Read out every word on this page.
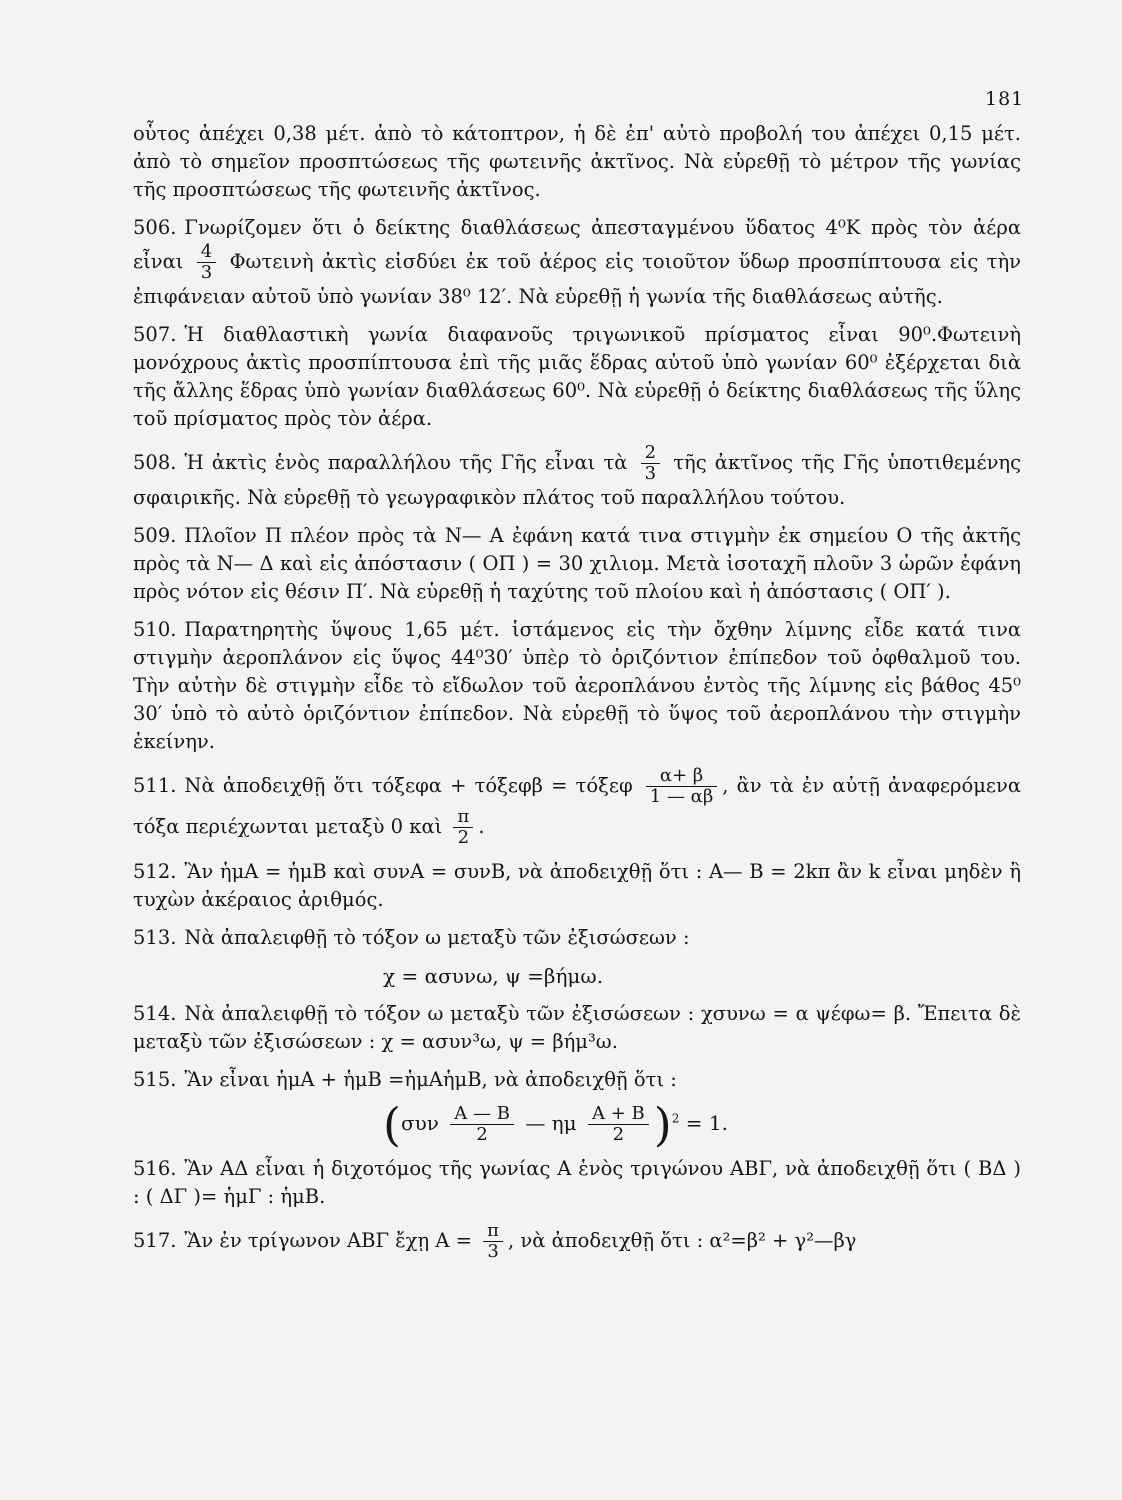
181

οὗτος ἀπέχει 0,38 μέτ. ἀπὸ τὸ κάτοπτρον, ἡ δὲ ἐπ' αὐτὸ προβολή του ἀπέχει 0,15 μέτ. ἀπὸ τὸ σημεῖον προσπτώσεως τῆς φωτεινῆς ἀκτῖνος. Νὰ εὑρεθῇ τὸ μέτρον τῆς γωνίας τῆς προσπτώσεως τῆς φωτεινῆς ἀκτῖνος.

506. Γνωρίζομεν ὅτι ὁ δείκτης διαθλάσεως ἀπεσταγμένου ὕδατος 4⁰Κ πρὸς τὸν ἀέρα εἶναι $\frac{4}{3}$ Φωτεινὴ ἀκτὶς εἰσδύει ἐκ τοῦ ἀέρος εἰς τοιοῦτον ὕδωρ προσπίπτουσα εἰς τὴν ἐπιφάνειαν αὐτοῦ ὑπὸ γωνίαν 38⁰ 12′. Νὰ εὑρεθῇ ἡ γωνία τῆς διαθλάσεως αὐτῆς.

507. Ἡ διαθλαστικὴ γωνία διαφανοῦς τριγωνικοῦ πρίσματος εἶναι 90⁰.Φωτεινὴ μονόχρους ἀκτὶς προσπίπτουσα ἐπὶ τῆς μιᾶς ἕδρας αὐτοῦ ὑπὸ γωνίαν 60⁰ ἐξέρχεται διὰ τῆς ἄλλης ἕδρας ὑπὸ γωνίαν διαθλάσεως 60⁰. Νὰ εὑρεθῇ ὁ δείκτης διαθλάσεως τῆς ὕλης τοῦ πρίσματος πρὸς τὸν ἀέρα.

508. Ἡ ἀκτὶς ἑνὸς παραλλήλου τῆς Γῆς εἶναι τὰ $\frac{2}{3}$ τῆς ἀκτῖνος τῆς Γῆς ὑποτιθεμένης σφαιρικῆς. Νὰ εὑρεθῇ τὸ γεωγραφικὸν πλάτος τοῦ παραλλήλου τούτου.

509. Πλοῖον Π πλέον πρὸς τὰ Ν— Α ἐφάνη κατά τινα στιγμὴν ἐκ σημείου Ο τῆς ἀκτῆς πρὸς τὰ Ν— Δ καὶ εἰς ἀπόστασιν ( ΟΠ ) = 30 χιλιομ. Μετὰ ἰσοταχῆ πλοῦν 3 ὡρῶν ἐφάνη πρὸς νότον εἰς θέσιν Π′. Νὰ εὑρεθῇ ἡ ταχύτης τοῦ πλοίου καὶ ἡ ἀπόστασις ( ΟΠ′ ).

510. Παρατηρητὴς ὕψους 1,65 μέτ. ἱστάμενος εἰς τὴν ὄχθην λίμνης εἶδε κατά τινα στιγμὴν ἀεροπλάνον εἰς ὕψος 44⁰30′ ὑπὲρ τὸ ὁριζόντιον ἐπίπεδον τοῦ ὀφθαλμοῦ του. Τὴν αὐτὴν δὲ στιγμὴν εἶδε τὸ εἴδωλον τοῦ ἀεροπλάνου ἐντὸς τῆς λίμνης εἰς βάθος 45⁰ 30′ ὑπὸ τὸ αὐτὸ ὁριζόντιον ἐπίπεδον. Νὰ εὑρεθῇ τὸ ὕψος τοῦ ἀεροπλάνου τὴν στιγμὴν ἐκείνην.

511. Νὰ ἀποδειχθῇ ὅτι τόξεφα + τόξεφβ = τόξεφ $\frac{\alpha+ \beta}{1 — \alpha\beta}$ , ἂν τὰ ἐν αὐτῇ ἀναφερόμενα τόξα περιέχωνται μεταξὺ 0 καὶ $\frac{\pi}{2}$ .

512. Ἂν ἡμΑ = ἡμΒ καὶ συνΑ = συνΒ, νὰ ἀποδειχθῇ ὅτι : Α— Β = 2kπ ἂν k εἶναι μηδὲν ἢ τυχὼν ἀκέραιος ἀριθμός.

513. Νὰ ἀπαλειφθῇ τὸ τόξον ω μεταξὺ τῶν ἐξισώσεων :

χ = ασυνω, ψ =βήμω.

514. Νὰ ἀπαλειφθῇ τὸ τόξον ω μεταξὺ τῶν ἐξισώσεων : χσυνω = α ψέφω= β. Ἔπειτα δὲ μεταξὺ τῶν ἐξισώσεων : χ = ασυν³ω, ψ = βήμ³ω.

515. Ἂν εἶναι ἡμΑ + ἡμΒ =ἡμΑἡμΒ, νὰ ἀποδειχθῇ ὅτι :

($\sigma\upsilon\nu \frac{A — B}{2}$ — ημ $\frac{A + B}{2} )^2 = 1$.

516. Ἂν ΑΔ εἶναι ἡ διχοτόμος τῆς γωνίας Α ἑνὸς τριγώνου ΑΒΓ, νὰ ἀποδειχθῇ ὅτι ( ΒΔ ) : ( ΔΓ )= ἡμΓ : ἡμΒ.

517. Ἂν ἐν τρίγωνον ΑΒΓ ἔχῃ $A = \frac{\pi}{3}$ , νὰ ἀποδειχθῇ ὅτι : α²=β² + γ²—βγ
